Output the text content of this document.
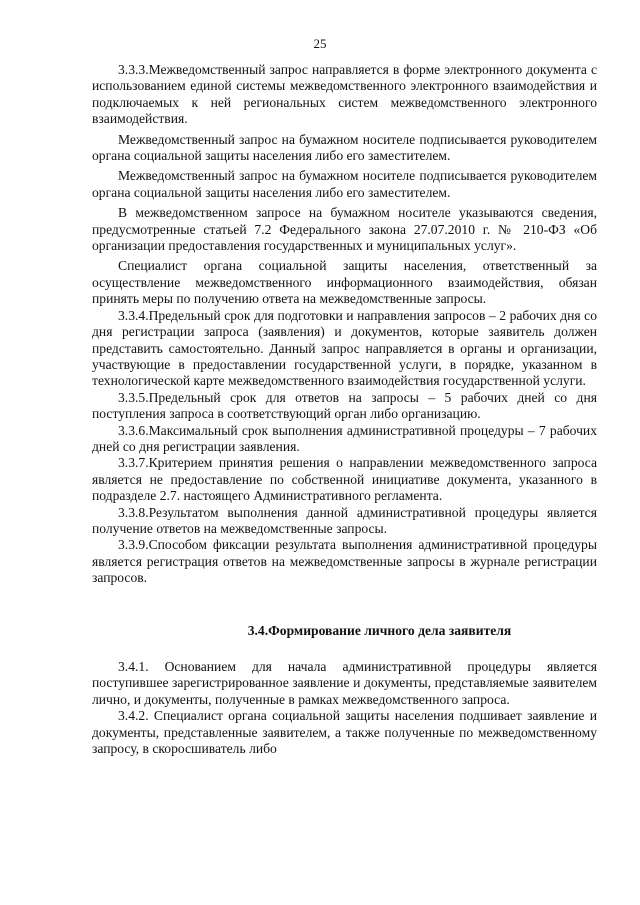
25

3.3.3.Межведомственный запрос направляется в форме электронного документа с использованием единой системы межведомственного электронного взаимодействия и подключаемых к ней региональных систем межведомственного электронного взаимодействия.

Межведомственный запрос на бумажном носителе подписывается руководителем органа социальной защиты населения либо его заместителем.

Межведомственный запрос на бумажном носителе подписывается руководителем органа социальной защиты населения либо его заместителем.

В межведомственном запросе на бумажном носителе указываются сведения, предусмотренные статьей 7.2 Федерального закона 27.07.2010 г. № 210-ФЗ «Об организации предоставления государственных и муниципальных услуг».

Специалист органа социальной защиты населения, ответственный за осуществление межведомственного информационного взаимодействия, обязан принять меры по получению ответа на межведомственные запросы.

3.3.4.Предельный срок для подготовки и направления запросов – 2 рабочих дня со дня регистрации запроса (заявления) и документов, которые заявитель должен представить самостоятельно. Данный запрос направляется в органы и организации, участвующие в предоставлении государственной услуги, в порядке, указанном в технологической карте межведомственного взаимодействия государственной услуги.

3.3.5.Предельный срок для ответов на запросы – 5 рабочих дней со дня поступления запроса в соответствующий орган либо организацию.

3.3.6.Максимальный срок выполнения административной процедуры – 7 рабочих дней со дня регистрации заявления.

3.3.7.Критерием принятия решения о направлении межведомственного запроса является не предоставление по собственной инициативе документа, указанного в подразделе 2.7. настоящего Административного регламента.

3.3.8.Результатом выполнения данной административной процедуры является получение ответов на межведомственные запросы.

3.3.9.Способом фиксации результата выполнения административной процедуры является регистрация ответов на межведомственные запросы в журнале регистрации запросов.

3.4.Формирование личного дела заявителя

3.4.1. Основанием для начала административной процедуры является поступившее зарегистрированное заявление и документы, представляемые заявителем лично, и документы, полученные в рамках межведомственного запроса.

3.4.2. Специалист органа социальной защиты населения подшивает заявление и документы, представленные заявителем, а также полученные по межведомственному запросу, в скоросшиватель либо
